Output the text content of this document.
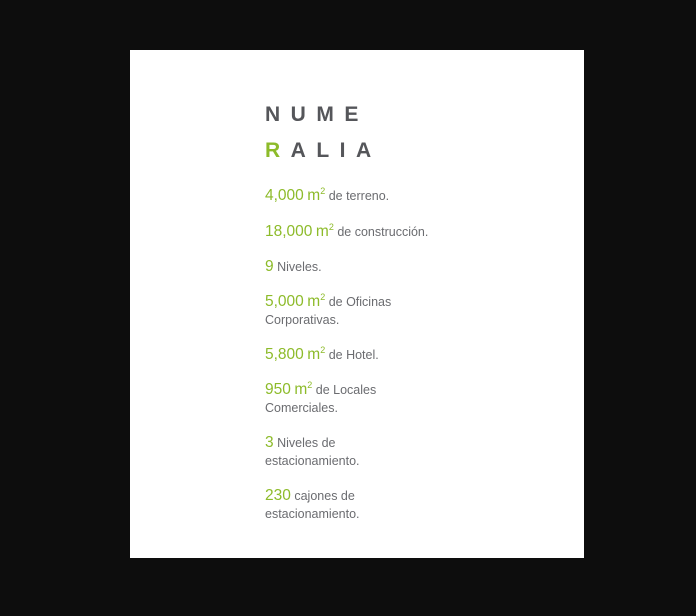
NUME
RALIA
4,000 $m^2$ de terreno.
18,000 $m^2$ de construcción.
9 Niveles.
5,000 $m^2$ de Oficinas
Corporativas.
5,800 $m^2$ de Hotel.
950 $m^2$ de Locales
Comerciales.
3 Niveles de
estacionamiento.
230 cajones de
estacionamiento.
